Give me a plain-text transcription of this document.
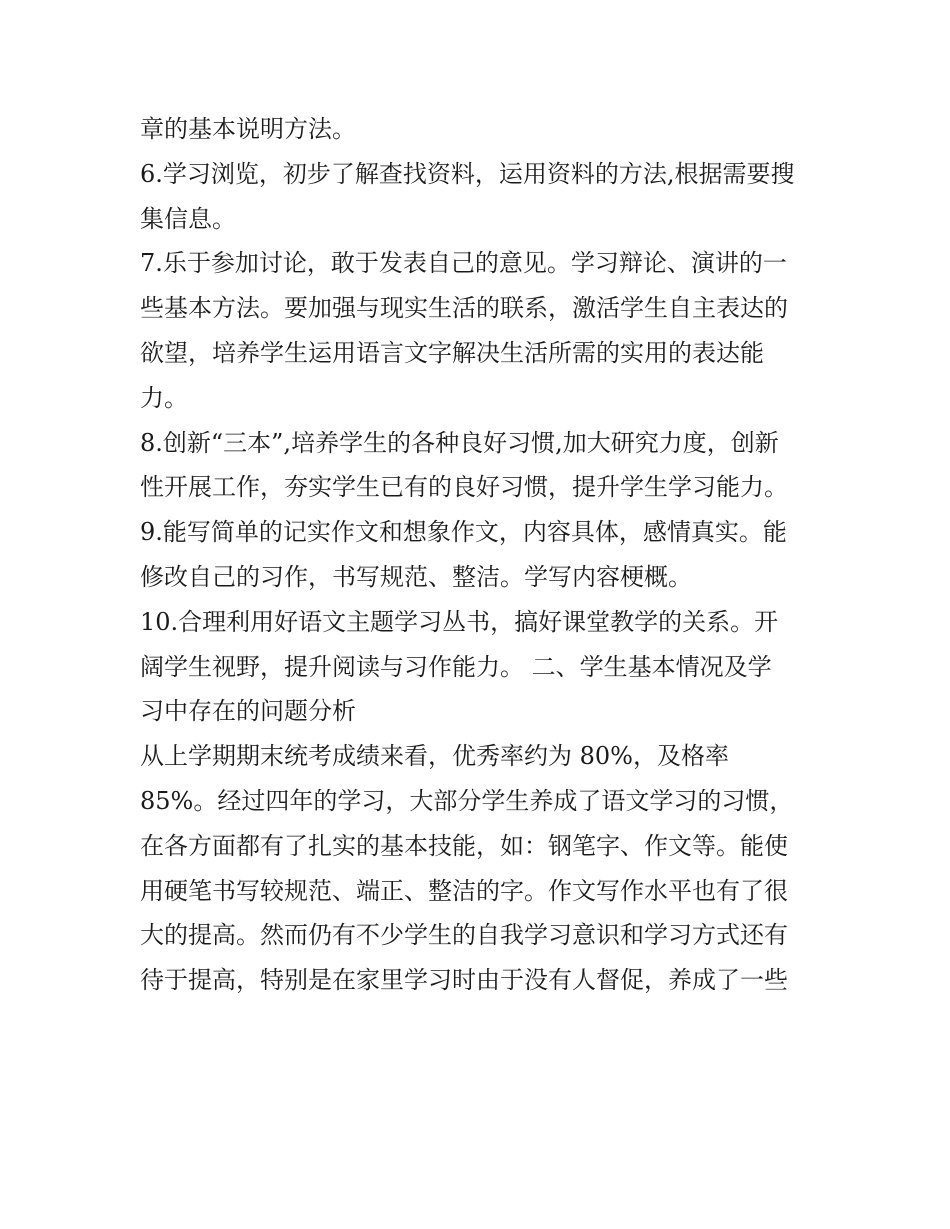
章的基本说明方法。
6.学习浏览，初步了解查找资料，运用资料的方法,根据需要搜
集信息。
7.乐于参加讨论，敢于发表自己的意见。学习辩论、演讲的一
些基本方法。要加强与现实生活的联系，激活学生自主表达的
欲望，培养学生运用语言文字解决生活所需的实用的表达能
力。
8.创新“三本”,培养学生的各种良好习惯,加大研究力度，创新
性开展工作，夯实学生已有的良好习惯，提升学生学习能力。
9.能写简单的记实作文和想象作文，内容具体，感情真实。能
修改自己的习作，书写规范、整洁。学写内容梗概。
10.合理利用好语文主题学习丛书，搞好课堂教学的关系。开
阔学生视野，提升阅读与习作能力。 二、学生基本情况及学
习中存在的问题分析
从上学期期末统考成绩来看，优秀率约为 80%，及格率
85%。经过四年的学习，大部分学生养成了语文学习的习惯，
在各方面都有了扎实的基本技能，如：钢笔字、作文等。能使
用硬笔书写较规范、端正、整洁的字。作文写作水平也有了很
大的提高。然而仍有不少学生的自我学习意识和学习方式还有
待于提高，特别是在家里学习时由于没有人督促，养成了一些
